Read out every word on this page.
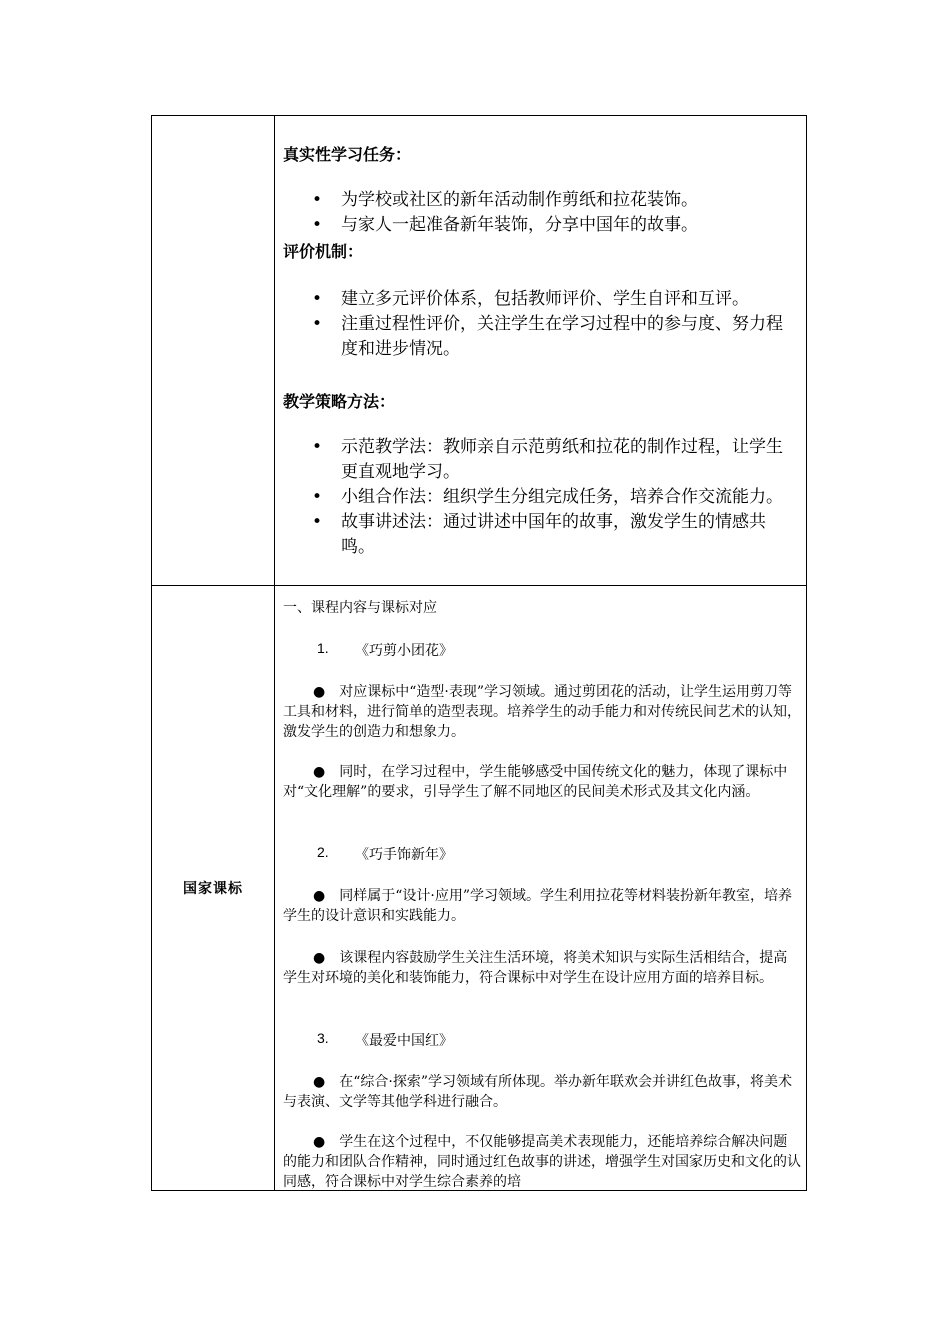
真实性学习任务：
• 为学校或社区的新年活动制作剪纸和拉花装饰。
• 与家人一起准备新年装饰，分享中国年的故事。
评价机制：
• 建立多元评价体系，包括教师评价、学生自评和互评。
• 注重过程性评价，关注学生在学习过程中的参与度、努力程度和进步情况。
教学策略方法：
• 示范教学法：教师亲自示范剪纸和拉花的制作过程，让学生更直观地学习。
• 小组合作法：组织学生分组完成任务，培养合作交流能力。
• 故事讲述法：通过讲述中国年的故事，激发学生的情感共鸣。
国家课标
一、课程内容与课标对应
1. 《巧剪小团花》
●　对应课标中“造型·表现”学习领域。通过剪团花的活动，让学生运用剪刀等工具和材料，进行简单的造型表现。培养学生的动手能力和对传统民间艺术的认知，激发学生的创造力和想象力。
●　同时，在学习过程中，学生能够感受中国传统文化的魅力，体现了课标中对“文化理解”的要求，引导学生了解不同地区的民间美术形式及其文化内涵。
2. 《巧手饰新年》
●　同样属于“设计·应用”学习领域。学生利用拉花等材料装扮新年教室，培养学生的设计意识和实践能力。
●　该课程内容鼓励学生关注生活环境，将美术知识与实际生活相结合，提高学生对环境的美化和装饰能力，符合课标中对学生在设计应用方面的培养目标。
3. 《最爱中国红》
●　在“综合·探索”学习领域有所体现。举办新年联欢会并讲红色故事，将美术与表演、文学等其他学科进行融合。
●　学生在这个过程中，不仅能够提高美术表现能力，还能培养综合解决问题的能力和团队合作精神，同时通过红色故事的讲述，增强学生对国家历史和文化的认同感，符合课标中对学生综合素养的培
